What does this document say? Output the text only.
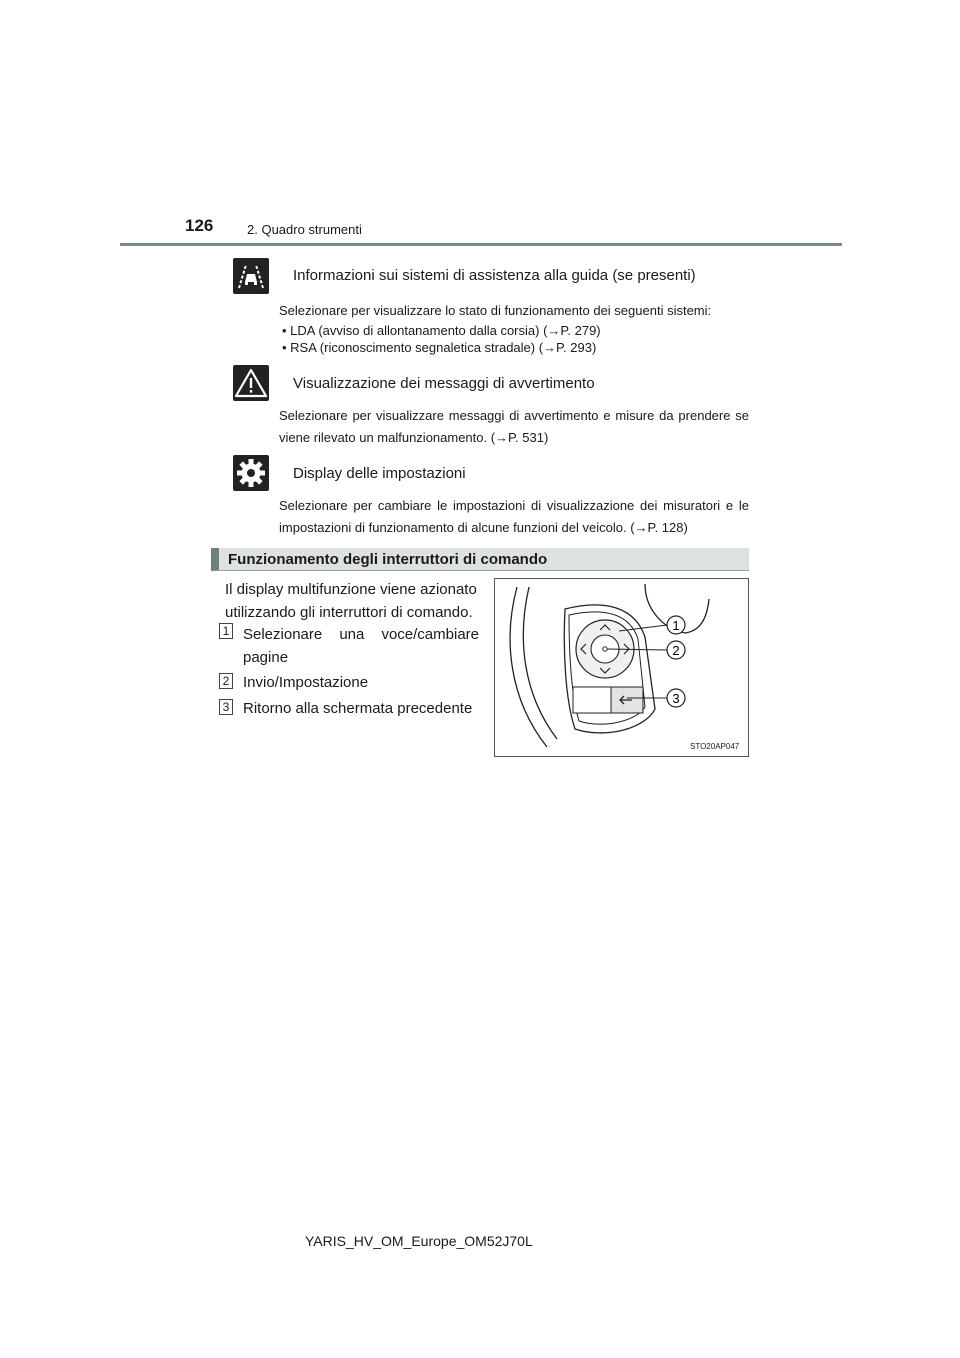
126	2. Quadro strumenti
Informazioni sui sistemi di assistenza alla guida (se presenti)
Selezionare per visualizzare lo stato di funzionamento dei seguenti sistemi:
• LDA (avviso di allontanamento dalla corsia) (→P. 279)
• RSA (riconoscimento segnaletica stradale) (→P. 293)
Visualizzazione dei messaggi di avvertimento
Selezionare per visualizzare messaggi di avvertimento e misure da prendere se viene rilevato un malfunzionamento. (→P. 531)
Display delle impostazioni
Selezionare per cambiare le impostazioni di visualizzazione dei misuratori e le impostazioni di funzionamento di alcune funzioni del veicolo. (→P. 128)
Funzionamento degli interruttori di comando
Il display multifunzione viene azionato utilizzando gli interruttori di comando.
1 Selezionare una voce/cambiare pagine
2 Invio/Impostazione
3 Ritorno alla schermata precedente
1
2
3
STO20AP047
YARIS_HV_OM_Europe_OM52J70L
